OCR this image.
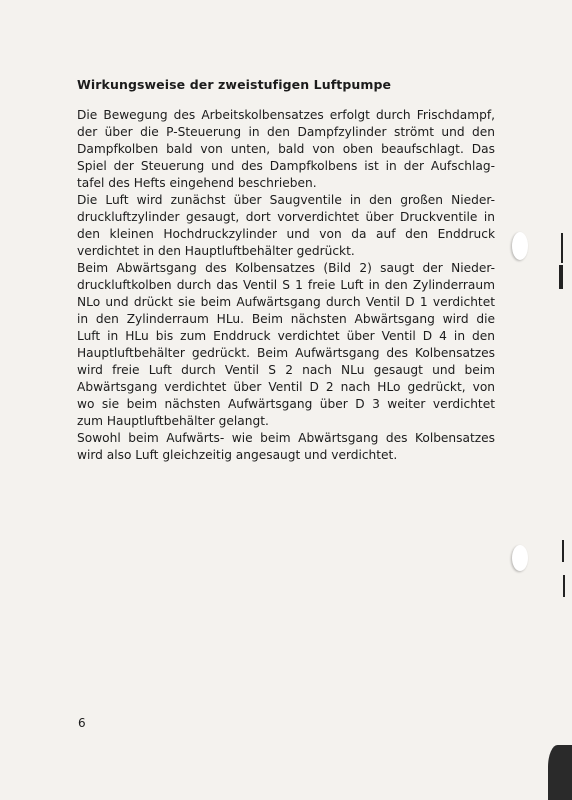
Wirkungsweise der zweistufigen Luftpumpe
Die Bewegung des Arbeitskolbensatzes erfolgt durch Frischdampf,
der über die P-Steuerung in den Dampfzylinder strömt und den
Dampfkolben bald von unten, bald von oben beaufschlagt. Das
Spiel der Steuerung und des Dampfkolbens ist in der Aufschlag-
tafel des Hefts eingehend beschrieben.
Die Luft wird zunächst über Saugventile in den großen Nieder-
druckluftzylinder gesaugt, dort vorverdichtet über Druckventile in
den kleinen Hochdruckzylinder und von da auf den Enddruck
verdichtet in den Hauptluftbehälter gedrückt.
Beim Abwärtsgang des Kolbensatzes (Bild 2) saugt der Nieder-
druckluftkolben durch das Ventil S 1 freie Luft in den Zylinderraum
NLo und drückt sie beim Aufwärtsgang durch Ventil D 1 verdichtet
in den Zylinderraum HLu. Beim nächsten Abwärtsgang wird die
Luft in HLu bis zum Enddruck verdichtet über Ventil D 4 in den
Hauptluftbehälter gedrückt. Beim Aufwärtsgang des Kolbensatzes
wird freie Luft durch Ventil S 2 nach NLu gesaugt und beim
Abwärtsgang verdichtet über Ventil D 2 nach HLo gedrückt, von
wo sie beim nächsten Aufwärtsgang über D 3 weiter verdichtet
zum Hauptluftbehälter gelangt.
Sowohl beim Aufwärts- wie beim Abwärtsgang des Kolbensatzes
wird also Luft gleichzeitig angesaugt und verdichtet.
6
